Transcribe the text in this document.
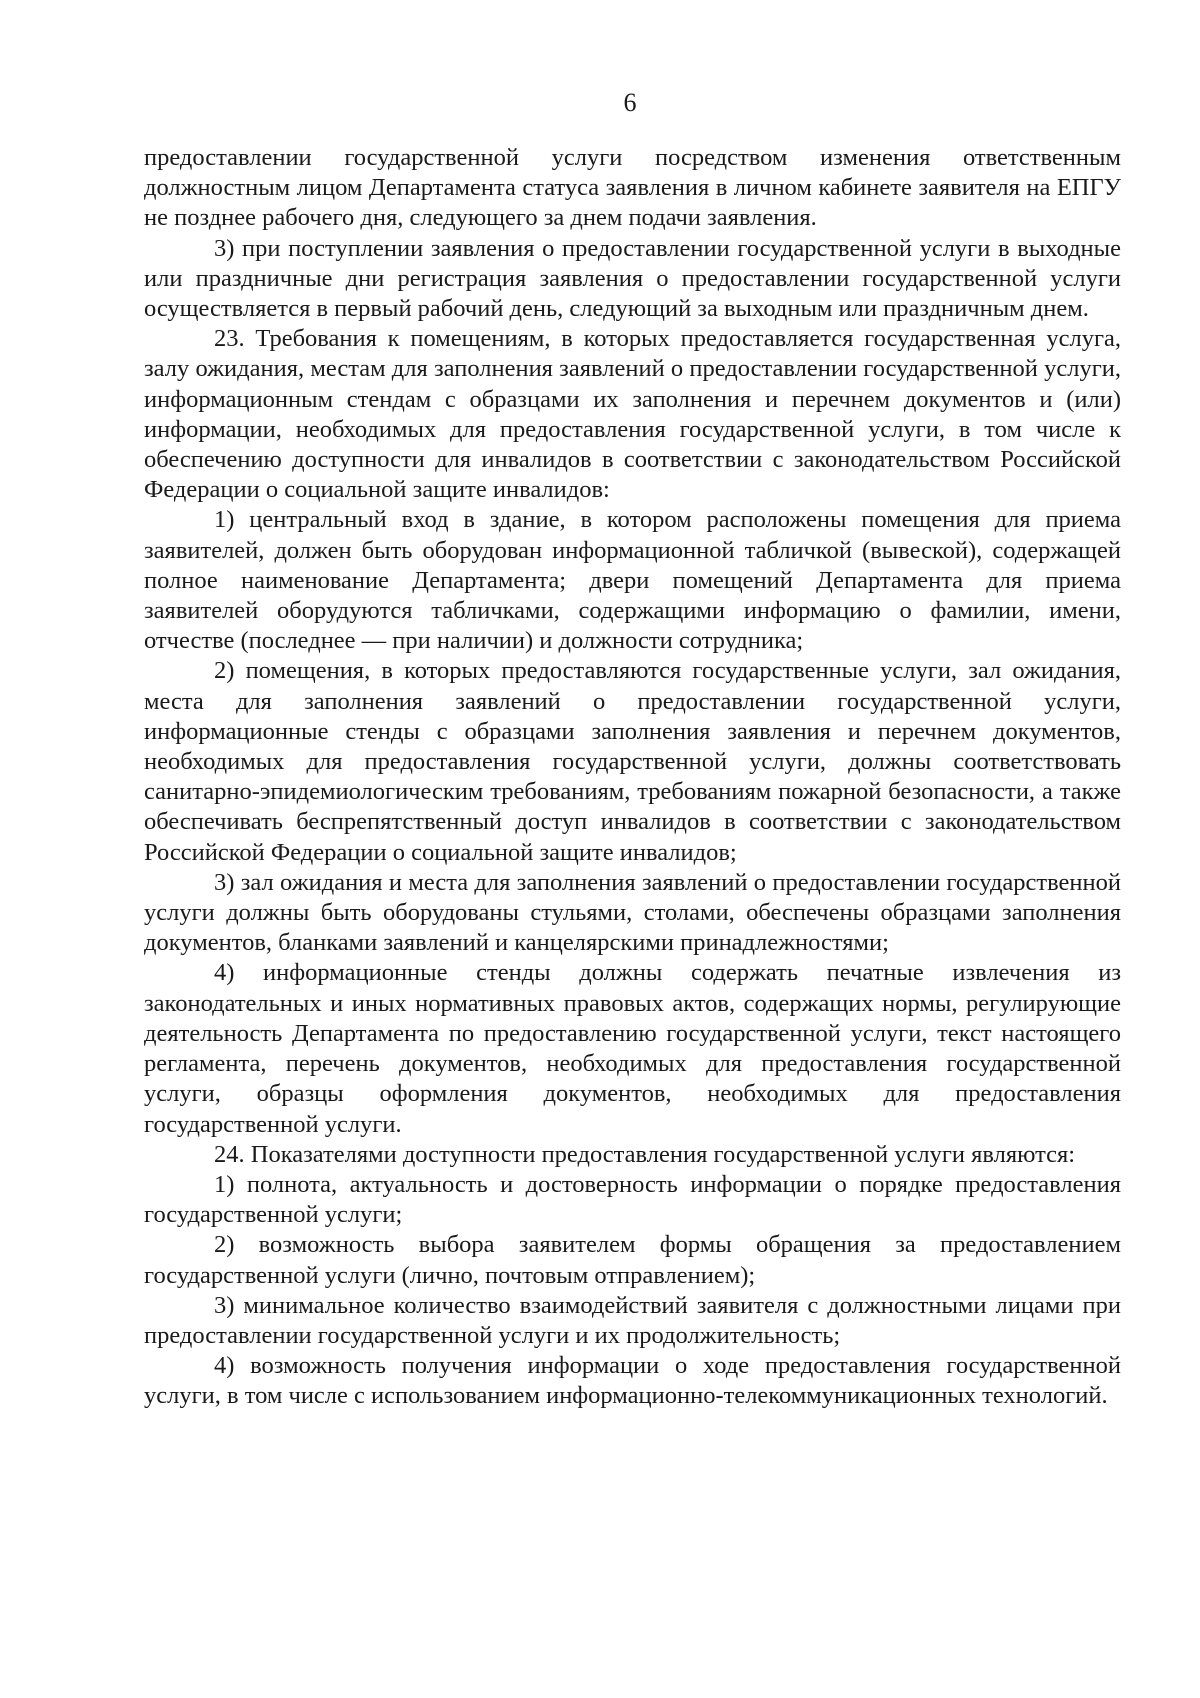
6

предоставлении государственной услуги посредством изменения ответственным должностным лицом Департамента статуса заявления в личном кабинете заявителя на ЕПГУ не позднее рабочего дня, следующего за днем подачи заявления.

3) при поступлении заявления о предоставлении государственной услуги в выходные или праздничные дни регистрация заявления о предоставлении государственной услуги осуществляется в первый рабочий день, следующий за выходным или праздничным днем.

23. Требования к помещениям, в которых предоставляется государственная услуга, залу ожидания, местам для заполнения заявлений о предоставлении государственной услуги, информационным стендам с образцами их заполнения и перечнем документов и (или) информации, необходимых для предоставления государственной услуги, в том числе к обеспечению доступности для инвалидов в соответствии с законодательством Российской Федерации о социальной защите инвалидов:

1) центральный вход в здание, в котором расположены помещения для приема заявителей, должен быть оборудован информационной табличкой (вывеской), содержащей полное наименование Департамента; двери помещений Департамента для приема заявителей оборудуются табличками, содержащими информацию о фамилии, имени, отчестве (последнее — при наличии) и должности сотрудника;

2) помещения, в которых предоставляются государственные услуги, зал ожидания, места для заполнения заявлений о предоставлении государственной услуги, информационные стенды с образцами заполнения заявления и перечнем документов, необходимых для предоставления государственной услуги, должны соответствовать санитарно-эпидемиологическим требованиям, требованиям пожарной безопасности, а также обеспечивать беспрепятственный доступ инвалидов в соответствии с законодательством Российской Федерации о социальной защите инвалидов;

3) зал ожидания и места для заполнения заявлений о предоставлении государственной услуги должны быть оборудованы стульями, столами, обеспечены образцами заполнения документов, бланками заявлений и канцелярскими принадлежностями;

4) информационные стенды должны содержать печатные извлечения из законодательных и иных нормативных правовых актов, содержащих нормы, регулирующие деятельность Департамента по предоставлению государственной услуги, текст настоящего регламента, перечень документов, необходимых для предоставления государственной услуги, образцы оформления документов, необходимых для предоставления государственной услуги.

24. Показателями доступности предоставления государственной услуги являются:

1) полнота, актуальность и достоверность информации о порядке предоставления государственной услуги;

2) возможность выбора заявителем формы обращения за предоставлением государственной услуги (лично, почтовым отправлением);

3) минимальное количество взаимодействий заявителя с должностными лицами при предоставлении государственной услуги и их продолжительность;

4) возможность получения информации о ходе предоставления государственной услуги, в том числе с использованием информационно-телекоммуникационных технологий.
